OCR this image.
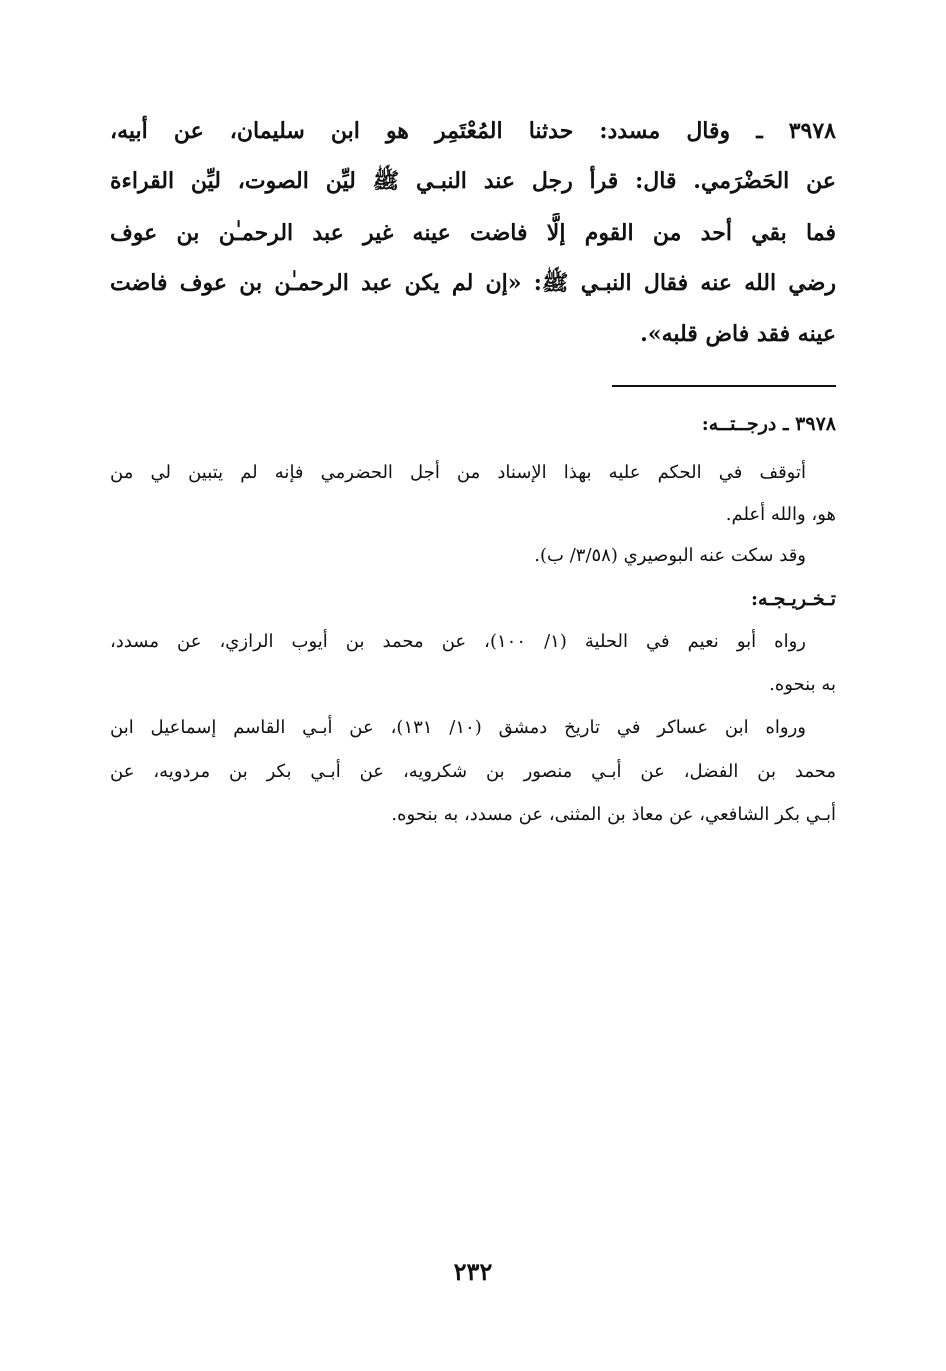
٣٩٧٨ ـ وقال مسدد: حدثنا المُعْتَمِر هو ابن سليمان، عن أبيه،
عن الحَضْرَمي. قال: قرأ رجل عند النبـي ﷺ ليِّن الصوت، ليِّن القراءة
فما بقي أحد من القوم إلَّا فاضت عينه غير عبد الرحمـٰن بن عوف
رضي الله عنه فقال النبـي ﷺ: «إن لم يكن عبد الرحمـٰن بن عوف فاضت
عينه فقد فاض قلبه».
٣٩٧٨ ـ درجــتــه:
أتوقف في الحكم عليه بهذا الإسناد من أجل الحضرمي فإنه لم يتبين لي من
هو، والله أعلم.
وقد سكت عنه البوصيري (٣/٥٨/ ب).
تـخـريـجـه:
رواه أبو نعيم في الحلية (١/ ١٠٠)، عن محمد بن أيوب الرازي، عن مسدد،
به بنحوه.
ورواه ابن عساكر في تاريخ دمشق (١٠/ ١٣١)، عن أبـي القاسم إسماعيل ابن
محمد بن الفضل، عن أبـي منصور بن شكرويه، عن أبـي بكر بن مردويه، عن
أبـي بكر الشافعي، عن معاذ بن المثنى، عن مسدد، به بنحوه.
٢٣٢
